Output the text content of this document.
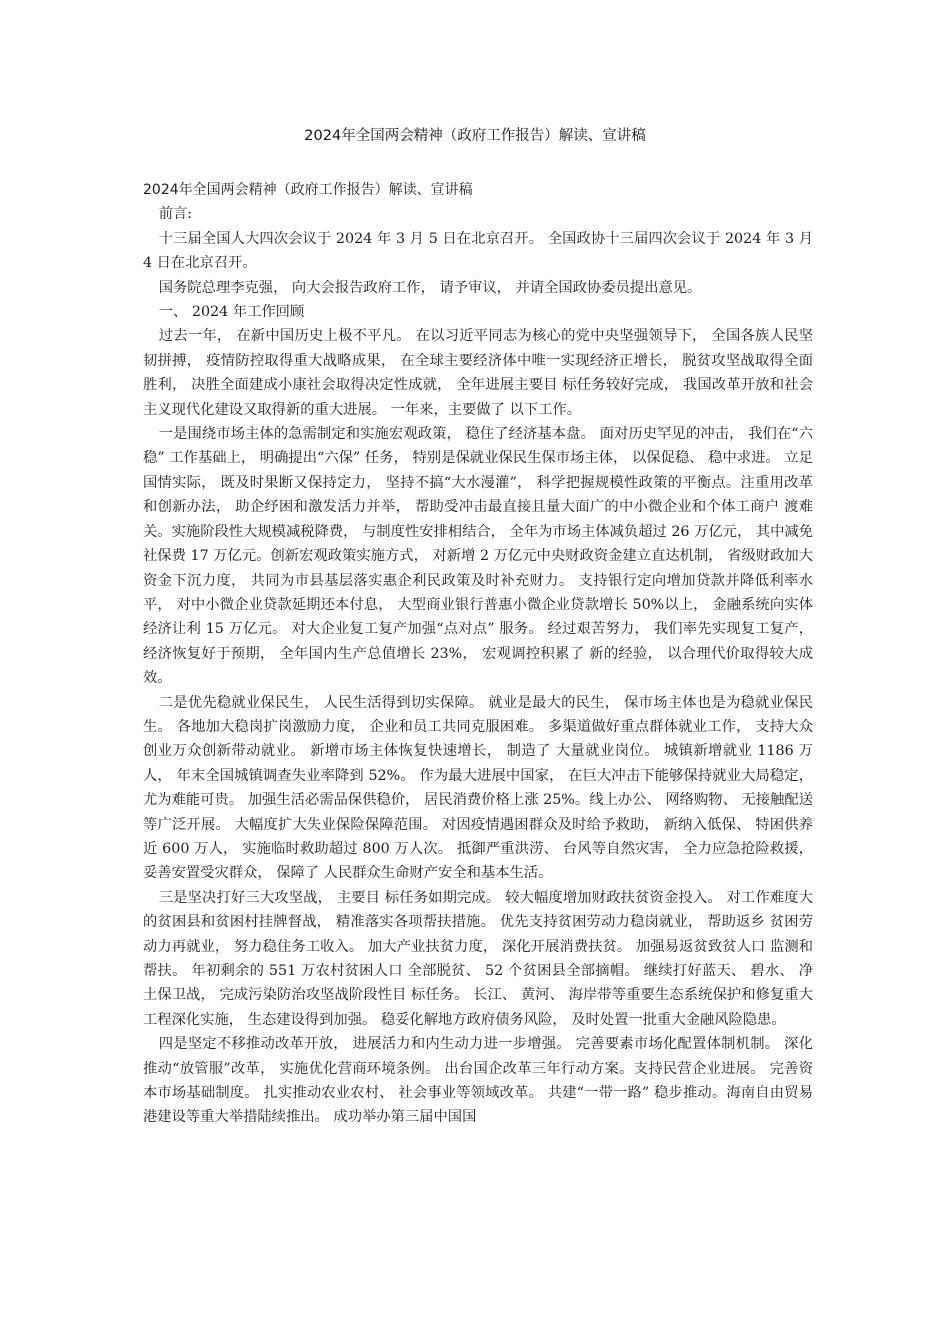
2024年全国两会精神（政府工作报告）解读、宣讲稿

2024年全国两会精神（政府工作报告）解读、宣讲稿

前言:

十三届全国人大四次会议于 2024 年 3 月 5 日在北京召开。 全国政协十三届四次会议于 2024 年 3 月 4 日在北京召开。

国务院总理李克强， 向大会报告政府工作， 请予审议， 并请全国政协委员提出意见。

一、 2024 年工作回顾

过去一年， 在新中国历史上极不平凡。 在以习近平同志为核心的党中央坚强领导下， 全国各族人民坚韧拼搏， 疫情防控取得重大战略成果， 在全球主要经济体中唯一实现经济正增长， 脱贫攻坚战取得全面胜利， 决胜全面建成小康社会取得决定性成就， 全年进展主要目 标任务较好完成， 我国改革开放和社会主义现代化建设又取得新的重大进展。 一年来，主要做了 以下工作。

一是围绕市场主体的急需制定和实施宏观政策， 稳住了经济基本盘。 面对历史罕见的冲击， 我们在“六稳” 工作基础上， 明确提出“六保” 任务， 特别是保就业保民生保市场主体， 以保促稳、 稳中求进。 立足国情实际， 既及时果断又保持定力， 坚持不搞“大水漫灌”， 科学把握规模性政策的平衡点。注重用改革和创新办法， 助企纾困和激发活力并举， 帮助受冲击最直接且量大面广的中小微企业和个体工商户 渡难关。实施阶段性大规模减税降费， 与制度性安排相结合， 全年为市场主体减负超过 26 万亿元， 其中减免社保费 17 万亿元。创新宏观政策实施方式， 对新增 2 万亿元中央财政资金建立直达机制， 省级财政加大资金下沉力度， 共同为市县基层落实惠企利民政策及时补充财力。 支持银行定向增加贷款并降低利率水平， 对中小微企业贷款延期还本付息， 大型商业银行普惠小微企业贷款增长 50%以上， 金融系统向实体经济让利 15 万亿元。 对大企业复工复产加强“点对点” 服务。 经过艰苦努力， 我们率先实现复工复产， 经济恢复好于预期， 全年国内生产总值增长 23%， 宏观调控积累了 新的经验， 以合理代价取得较大成效。

二是优先稳就业保民生， 人民生活得到切实保障。 就业是最大的民生， 保市场主体也是为稳就业保民生。 各地加大稳岗扩岗激励力度， 企业和员工共同克服困难。 多渠道做好重点群体就业工作， 支持大众创业万众创新带动就业。 新增市场主体恢复快速增长， 制造了 大量就业岗位。 城镇新增就业 1186 万人， 年末全国城镇调查失业率降到 52%。 作为最大进展中国家， 在巨大冲击下能够保持就业大局稳定， 尤为难能可贵。 加强生活必需品保供稳价， 居民消费价格上涨 25%。线上办公、 网络购物、 无接触配送等广泛开展。 大幅度扩大失业保险保障范围。 对因疫情遇困群众及时给予救助， 新纳入低保、 特困供养近 600 万人， 实施临时救助超过 800 万人次。 抵御严重洪涝、 台风等自然灾害， 全力应急抢险救援， 妥善安置受灾群众， 保障了 人民群众生命财产安全和基本生活。

三是坚决打好三大攻坚战， 主要目 标任务如期完成。 较大幅度增加财政扶贫资金投入。 对工作难度大的贫困县和贫困村挂牌督战， 精准落实各项帮扶措施。 优先支持贫困劳动力稳岗就业， 帮助返乡 贫困劳动力再就业， 努力稳住务工收入。 加大产业扶贫力度， 深化开展消费扶贫。 加强易返贫致贫人口 监测和帮扶。 年初剩余的 551 万农村贫困人口 全部脱贫、 52 个贫困县全部摘帽。 继续打好蓝天、 碧水、 净土保卫战， 完成污染防治攻坚战阶段性目 标任务。 长江、 黄河、 海岸带等重要生态系统保护和修复重大工程深化实施， 生态建设得到加强。 稳妥化解地方政府债务风险， 及时处置一批重大金融风险隐患。

四是坚定不移推动改革开放， 进展活力和内生动力进一步增强。 完善要素市场化配置体制机制。 深化推动“放管服”改革， 实施优化营商环境条例。 出台国企改革三年行动方案。支持民营企业进展。 完善资本市场基础制度。 扎实推动农业农村、 社会事业等领域改革。 共建“一带一路” 稳步推动。海南自由贸易港建设等重大举措陆续推出。 成功举办第三届中国国
